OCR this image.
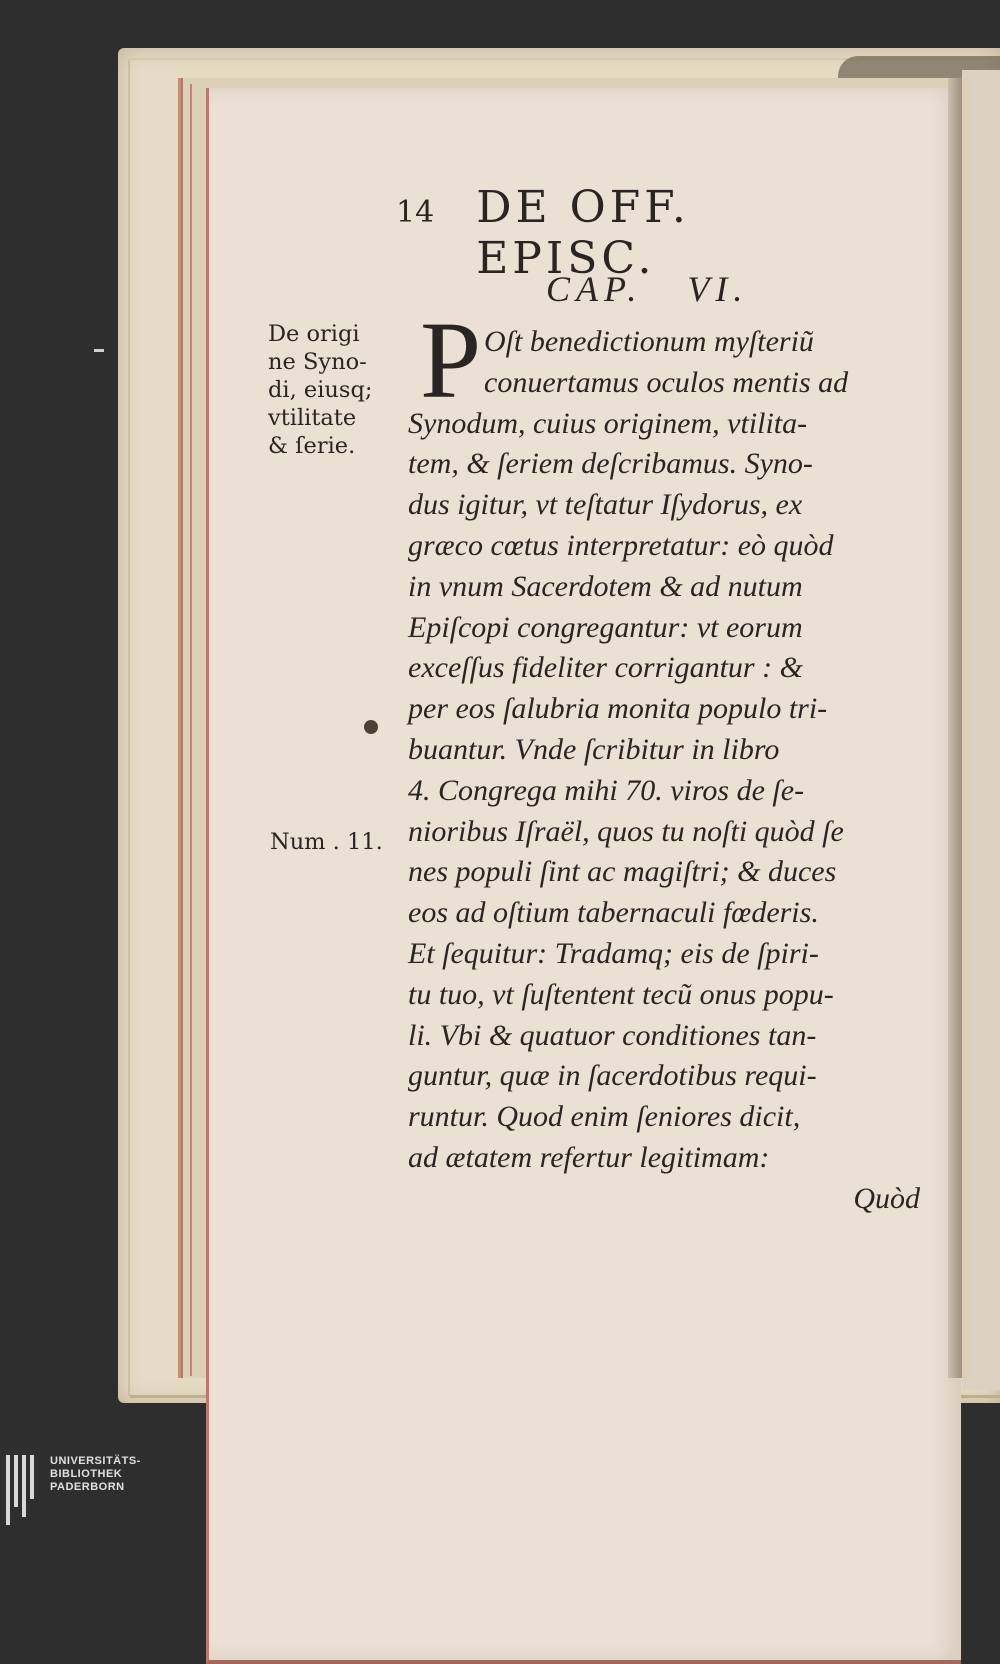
14 DE OFF. EPISC.
CAP.   VI.
De origi
ne Syno-
di, eiusq;
vtilitate
& ſerie.
Num . 11.
P Oſt benedictionum myſteriũ
conuertamus oculos mentis ad
Synodum, cuius originem, vtilita-
tem, & ſeriem deſcribamus. Syno-
dus igitur, vt teſtatur Iſydorus, ex
græco cœtus interpretatur: eò quòd
in vnum Sacerdotem & ad nutum
Epiſcopi congregantur: vt eorum
exceſſus fideliter corrigantur : &
per eos ſalubria monita populo tri-
buantur. Vnde ſcribitur in libro
4. Congrega mihi 70. viros de ſe-
nioribus Iſraël, quos tu noſti quòd ſe
nes populi ſint ac magiſtri; & duces
eos ad oſtium tabernaculi fœderis.
Et ſequitur: Tradamq; eis de ſpiri-
tu tuo, vt ſuſtentent tecũ onus popu-
li. Vbi & quatuor conditiones tan-
guntur, quæ in ſacerdotibus requi-
runtur. Quod enim ſeniores dicit,
ad ætatem refertur legitimam:
Quòd
UNIVERSITÄTS-
BIBLIOTHEK
PADERBORN
